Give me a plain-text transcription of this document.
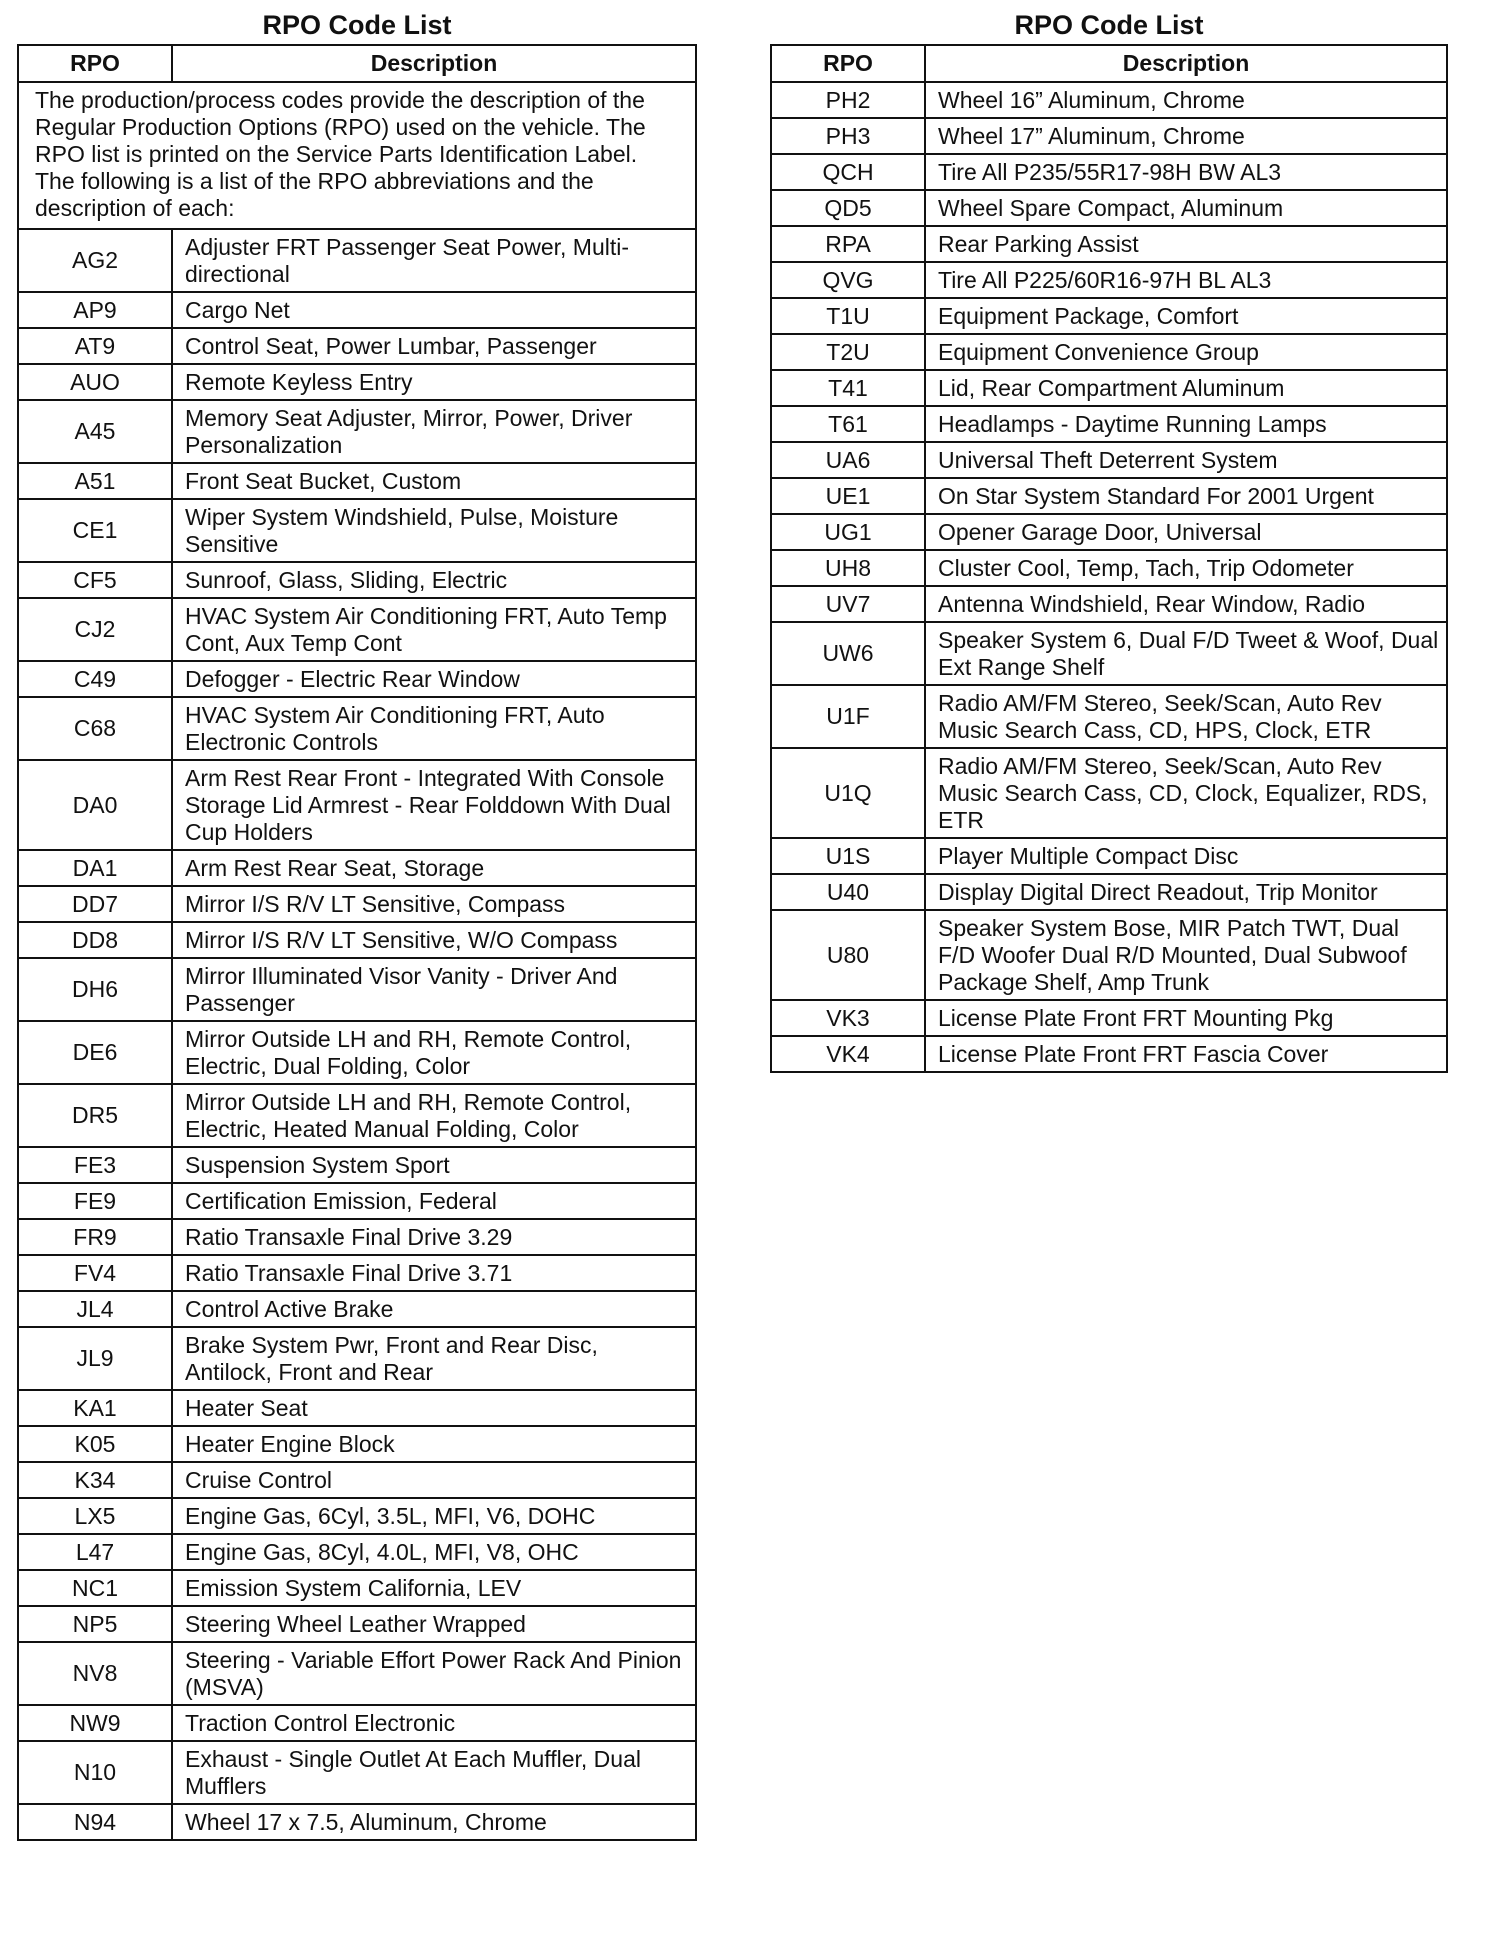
RPO Code List
RPO	Description
The production/process codes provide the description of the Regular Production Options (RPO) used on the vehicle. The RPO list is printed on the Service Parts Identification Label. The following is a list of the RPO abbreviations and the description of each:	
AG2	Adjuster FRT Passenger Seat Power, Multi-directional
AP9	Cargo Net
AT9	Control Seat, Power Lumbar, Passenger
AUO	Remote Keyless Entry
A45	Memory Seat Adjuster, Mirror, Power, Driver Personalization
A51	Front Seat Bucket, Custom
CE1	Wiper System Windshield, Pulse, Moisture Sensitive
CF5	Sunroof, Glass, Sliding, Electric
CJ2	HVAC System Air Conditioning FRT, Auto Temp Cont, Aux Temp Cont
C49	Defogger - Electric Rear Window
C68	HVAC System Air Conditioning FRT, Auto Electronic Controls
DA0	Arm Rest Rear Front - Integrated With Console Storage Lid Armrest - Rear Folddown With Dual Cup Holders
DA1	Arm Rest Rear Seat, Storage
DD7	Mirror I/S R/V LT Sensitive, Compass
DD8	Mirror I/S R/V LT Sensitive, W/O Compass
DH6	Mirror Illuminated Visor Vanity - Driver And Passenger
DE6	Mirror Outside LH and RH, Remote Control, Electric, Dual Folding, Color
DR5	Mirror Outside LH and RH, Remote Control, Electric, Heated Manual Folding, Color
FE3	Suspension System Sport
FE9	Certification Emission, Federal
FR9	Ratio Transaxle Final Drive 3.29
FV4	Ratio Transaxle Final Drive 3.71
JL4	Control Active Brake
JL9	Brake System Pwr, Front and Rear Disc, Antilock, Front and Rear
KA1	Heater Seat
K05	Heater Engine Block
K34	Cruise Control
LX5	Engine Gas, 6Cyl, 3.5L, MFI, V6, DOHC
L47	Engine Gas, 8Cyl, 4.0L, MFI, V8, OHC
NC1	Emission System California, LEV
NP5	Steering Wheel Leather Wrapped
NV8	Steering - Variable Effort Power Rack And Pinion (MSVA)
NW9	Traction Control Electronic
N10	Exhaust - Single Outlet At Each Muffler, Dual Mufflers
N94	Wheel 17 x 7.5, Aluminum, Chrome
RPO Code List
RPO	Description
PH2	Wheel 16” Aluminum, Chrome
PH3	Wheel 17” Aluminum, Chrome
QCH	Tire All P235/55R17-98H BW AL3
QD5	Wheel Spare Compact, Aluminum
RPA	Rear Parking Assist
QVG	Tire All P225/60R16-97H BL AL3
T1U	Equipment Package, Comfort
T2U	Equipment Convenience Group
T41	Lid, Rear Compartment Aluminum
T61	Headlamps - Daytime Running Lamps
UA6	Universal Theft Deterrent System
UE1	On Star System Standard For 2001 Urgent
UG1	Opener Garage Door, Universal
UH8	Cluster Cool, Temp, Tach, Trip Odometer
UV7	Antenna Windshield, Rear Window, Radio
UW6	Speaker System 6, Dual F/D Tweet & Woof, Dual Ext Range Shelf
U1F	Radio AM/FM Stereo, Seek/Scan, Auto Rev Music Search Cass, CD, HPS, Clock, ETR
U1Q	Radio AM/FM Stereo, Seek/Scan, Auto Rev Music Search Cass, CD, Clock, Equalizer, RDS, ETR
U1S	Player Multiple Compact Disc
U40	Display Digital Direct Readout, Trip Monitor
U80	Speaker System Bose, MIR Patch TWT, Dual F/D Woofer Dual R/D Mounted, Dual Subwoof Package Shelf, Amp Trunk
VK3	License Plate Front FRT Mounting Pkg
VK4	License Plate Front FRT Fascia Cover
